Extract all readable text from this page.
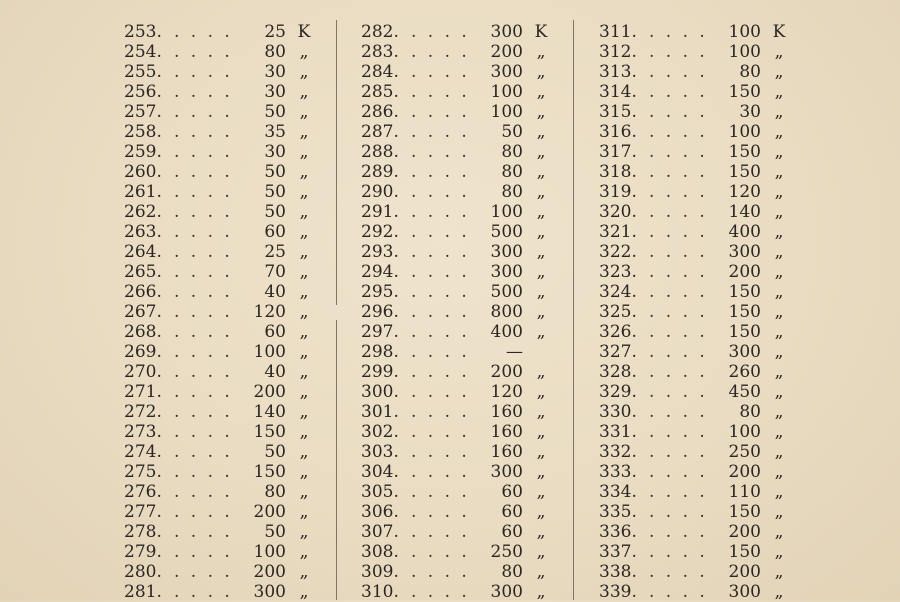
253. . . . .	25 K
254. . . . .	80 „
255. . . . .	30 „
256. . . . .	30 „
257. . . . .	50 „
258. . . . .	35 „
259. . . . .	30 „
260. . . . .	50 „
261. . . . .	50 „
262. . . . .	50 „
263. . . . .	60 „
264. . . . .	25 „
265. . . . .	70 „
266. . . . .	40 „
267. . . . .	120 „
268. . . . .	60 „
269. . . . .	100 „
270. . . . .	40 „
271. . . . .	200 „
272. . . . .	140 „
273. . . . .	150 „
274. . . . .	50 „
275. . . . .	150 „
276. . . . .	80 „
277. . . . .	200 „
278. . . . .	50 „
279. . . . .	100 „
280. . . . .	200 „
281. . . . .	300 „
282. . . . .	300 K
283. . . . .	200 „
284. . . . .	300 „
285. . . . .	100 „
286. . . . .	100 „
287. . . . .	50 „
288. . . . .	80 „
289. . . . .	80 „
290. . . . .	80 „
291. . . . .	100 „
292. . . . .	500 „
293. . . . .	300 „
294. . . . .	300 „
295. . . . .	500 „
296. . . . .	800 „
297. . . . .	400 „
298. . . . .	—
299. . . . .	200 „
300. . . . .	120 „
301. . . . .	160 „
302. . . . .	160 „
303. . . . .	160 „
304. . . . .	300 „
305. . . . .	60 „
306. . . . .	60 „
307. . . . .	60 „
308. . . . .	250 „
309. . . . .	80 „
310. . . . .	300 „
311. . . . .	100 K
312. . . . .	100 „
313. . . . .	80 „
314. . . . .	150 „
315. . . . .	30 „
316. . . . .	100 „
317. . . . .	150 „
318. . . . .	150 „
319. . . . .	120 „
320. . . . .	140 „
321. . . . .	400 „
322. . . . .	300 „
323. . . . .	200 „
324. . . . .	150 „
325. . . . .	150 „
326. . . . .	150 „
327. . . . .	300 „
328. . . . .	260 „
329. . . . .	450 „
330. . . . .	80 „
331. . . . .	100 „
332. . . . .	250 „
333. . . . .	200 „
334. . . . .	110 „
335. . . . .	150 „
336. . . . .	200 „
337. . . . .	150 „
338. . . . .	200 „
339. . . . .	300 „
